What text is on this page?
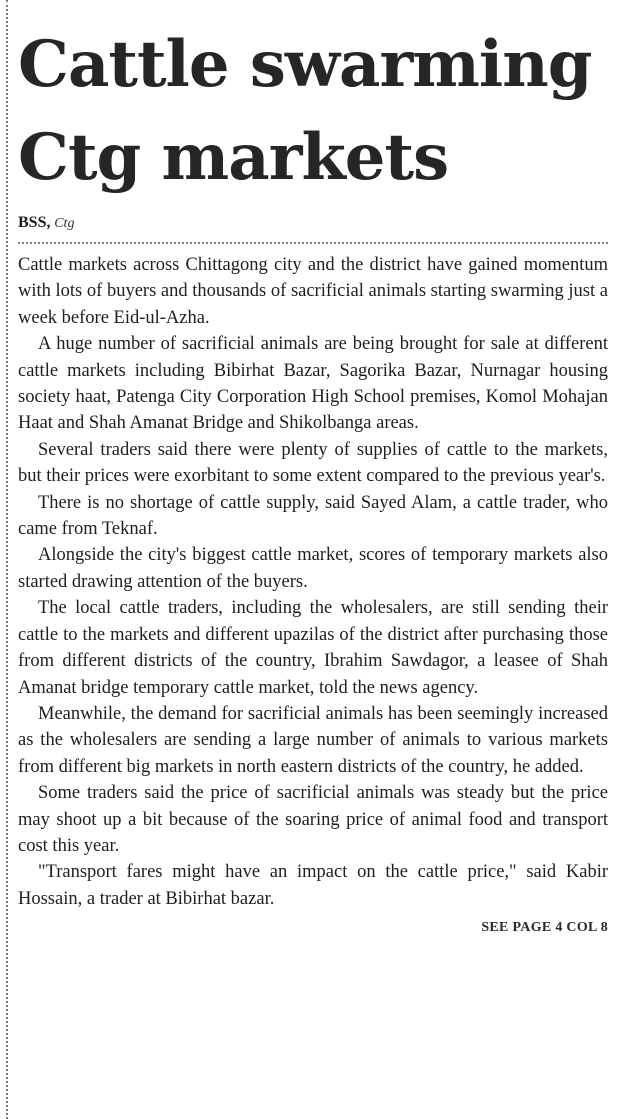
Cattle swarming
Ctg markets
BSS, Ctg

Cattle markets across Chittagong city and the district have gained momentum with lots of buyers and thousands of sacrificial animals starting swarming just a week before Eid-ul-Azha.

A huge number of sacrificial animals are being brought for sale at different cattle markets including Bibirhat Bazar, Sagorika Bazar, Nurnagar housing society haat, Patenga City Corporation High School premises, Komol Mohajan Haat and Shah Amanat Bridge and Shikolbanga areas.

Several traders said there were plenty of supplies of cattle to the markets, but their prices were exorbitant to some extent compared to the previous year's.

There is no shortage of cattle supply, said Sayed Alam, a cattle trader, who came from Teknaf.

Alongside the city's biggest cattle market, scores of temporary markets also started drawing attention of the buyers.

The local cattle traders, including the wholesalers, are still sending their cattle to the markets and different upazilas of the district after purchasing those from different districts of the country, Ibrahim Sawdagor, a leasee of Shah Amanat bridge temporary cattle market, told the news agency.

Meanwhile, the demand for sacrificial animals has been seemingly increased as the wholesalers are sending a large number of animals to various markets from different big markets in north eastern districts of the country, he added.

Some traders said the price of sacrificial animals was steady but the price may shoot up a bit because of the soaring price of animal food and transport cost this year.

"Transport fares might have an impact on the cattle price," said Kabir Hossain, a trader at Bibirhat bazar.

SEE PAGE 4 COL 8
